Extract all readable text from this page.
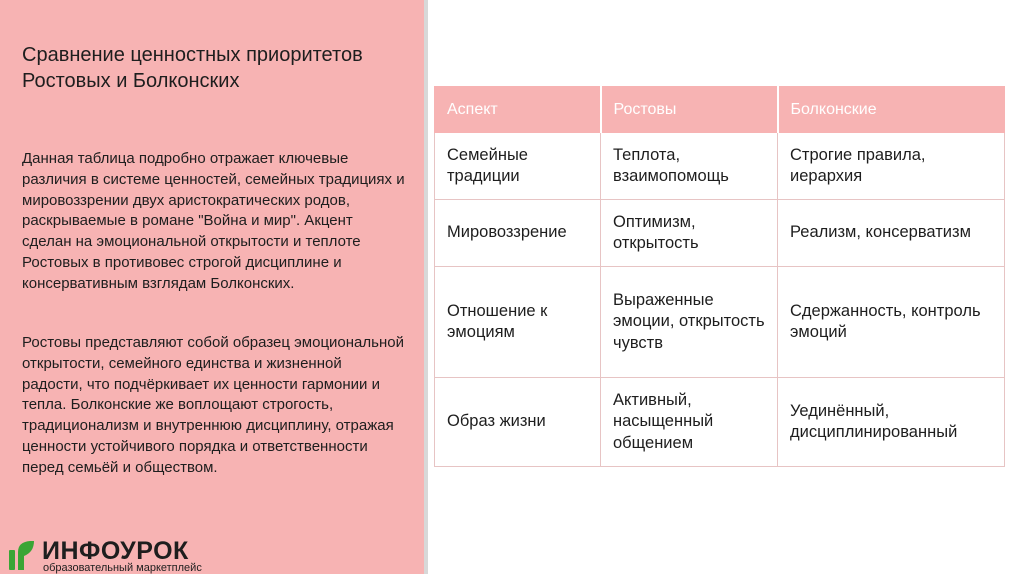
Сравнение ценностных приоритетов Ростовых и Болконских
Данная таблица подробно отражает ключевые различия в системе ценностей, семейных традициях и мировоззрении двух аристократических родов, раскрываемые в романе "Война и мир". Акцент сделан на эмоциональной открытости и теплоте Ростовых в противовес строгой дисциплине и консервативным взглядам Болконских.
Ростовы представляют собой образец эмоциональной открытости, семейного единства и жизненной радости, что подчёркивает их ценности гармонии и тепла. Болконские же воплощают строгость, традиционализм и внутреннюю дисциплину, отражая ценности устойчивого порядка и ответственности перед семьёй и обществом.
ИНФОУРОК
образовательный маркетплейс
Аспект	Ростовы	Болконские
Семейные традиции	Теплота, взаимопомощь	Строгие правила, иерархия
Мировоззрение	Оптимизм, открытость	Реализм, консерватизм
Отношение к эмоциям	Выраженные эмоции, открытость чувств	Сдержанность, контроль эмоций
Образ жизни	Активный, насыщенный общением	Уединённый, дисциплинированный
